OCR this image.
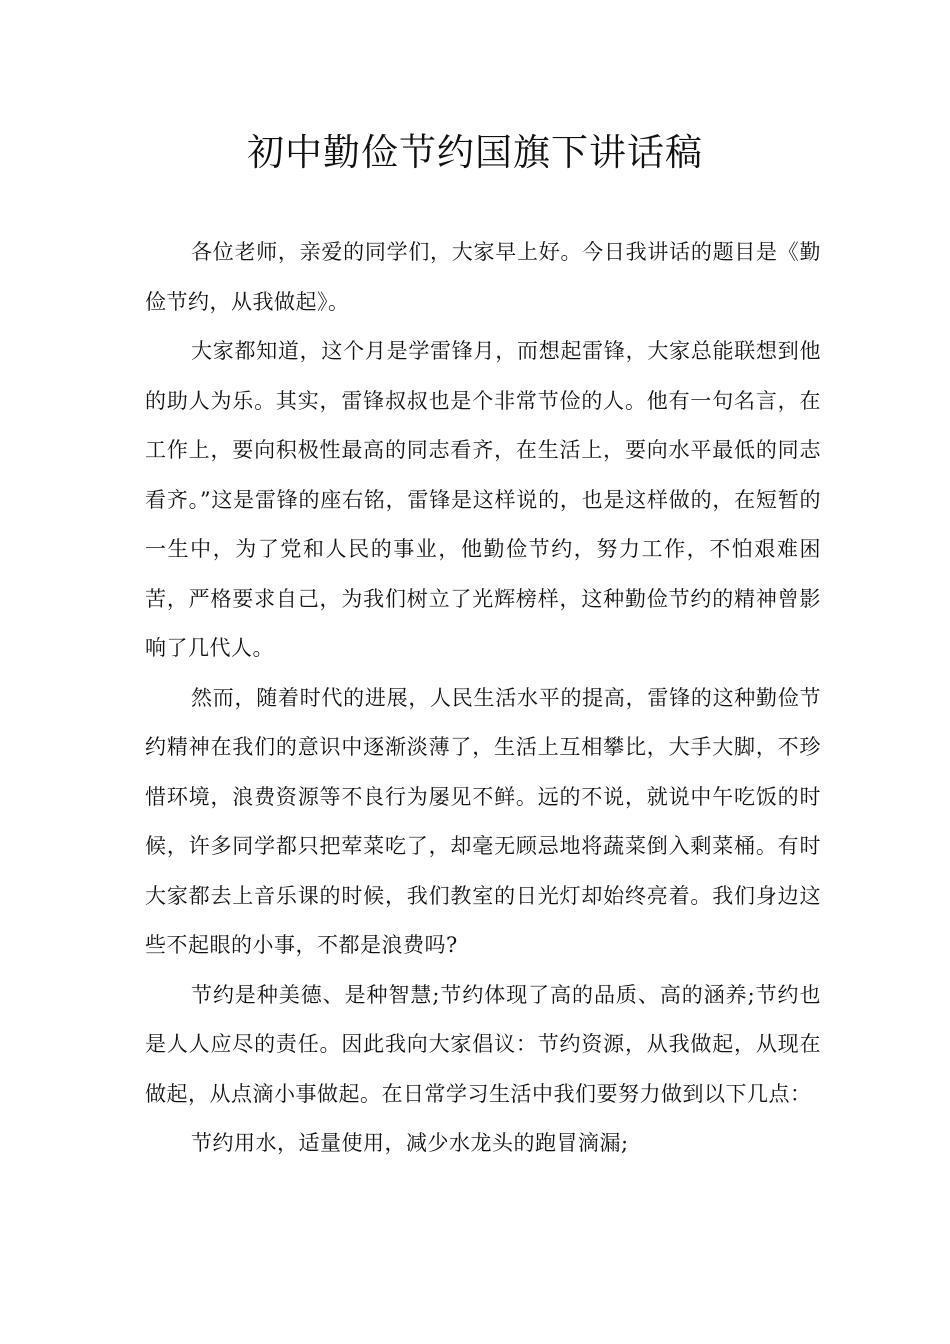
初中勤俭节约国旗下讲话稿

各位老师，亲爱的同学们，大家早上好。今日我讲话的题目是《勤俭节约，从我做起》。

大家都知道，这个月是学雷锋月，而想起雷锋，大家总能联想到他的助人为乐。其实，雷锋叔叔也是个非常节俭的人。他有一句名言，在工作上，要向积极性最高的同志看齐，在生活上，要向水平最低的同志看齐。”这是雷锋的座右铭，雷锋是这样说的，也是这样做的，在短暂的一生中，为了党和人民的事业，他勤俭节约，努力工作，不怕艰难困苦，严格要求自己，为我们树立了光辉榜样，这种勤俭节约的精神曾影响了几代人。

然而，随着时代的进展，人民生活水平的提高，雷锋的这种勤俭节约精神在我们的意识中逐渐淡薄了，生活上互相攀比，大手大脚，不珍惜环境，浪费资源等不良行为屡见不鲜。远的不说，就说中午吃饭的时候，许多同学都只把荤菜吃了，却毫无顾忌地将蔬菜倒入剩菜桶。有时大家都去上音乐课的时候，我们教室的日光灯却始终亮着。我们身边这些不起眼的小事，不都是浪费吗?

节约是种美德、是种智慧;节约体现了高的品质、高的涵养;节约也是人人应尽的责任。因此我向大家倡议：节约资源，从我做起，从现在做起，从点滴小事做起。在日常学习生活中我们要努力做到以下几点：

节约用水，适量使用，减少水龙头的跑冒滴漏;
